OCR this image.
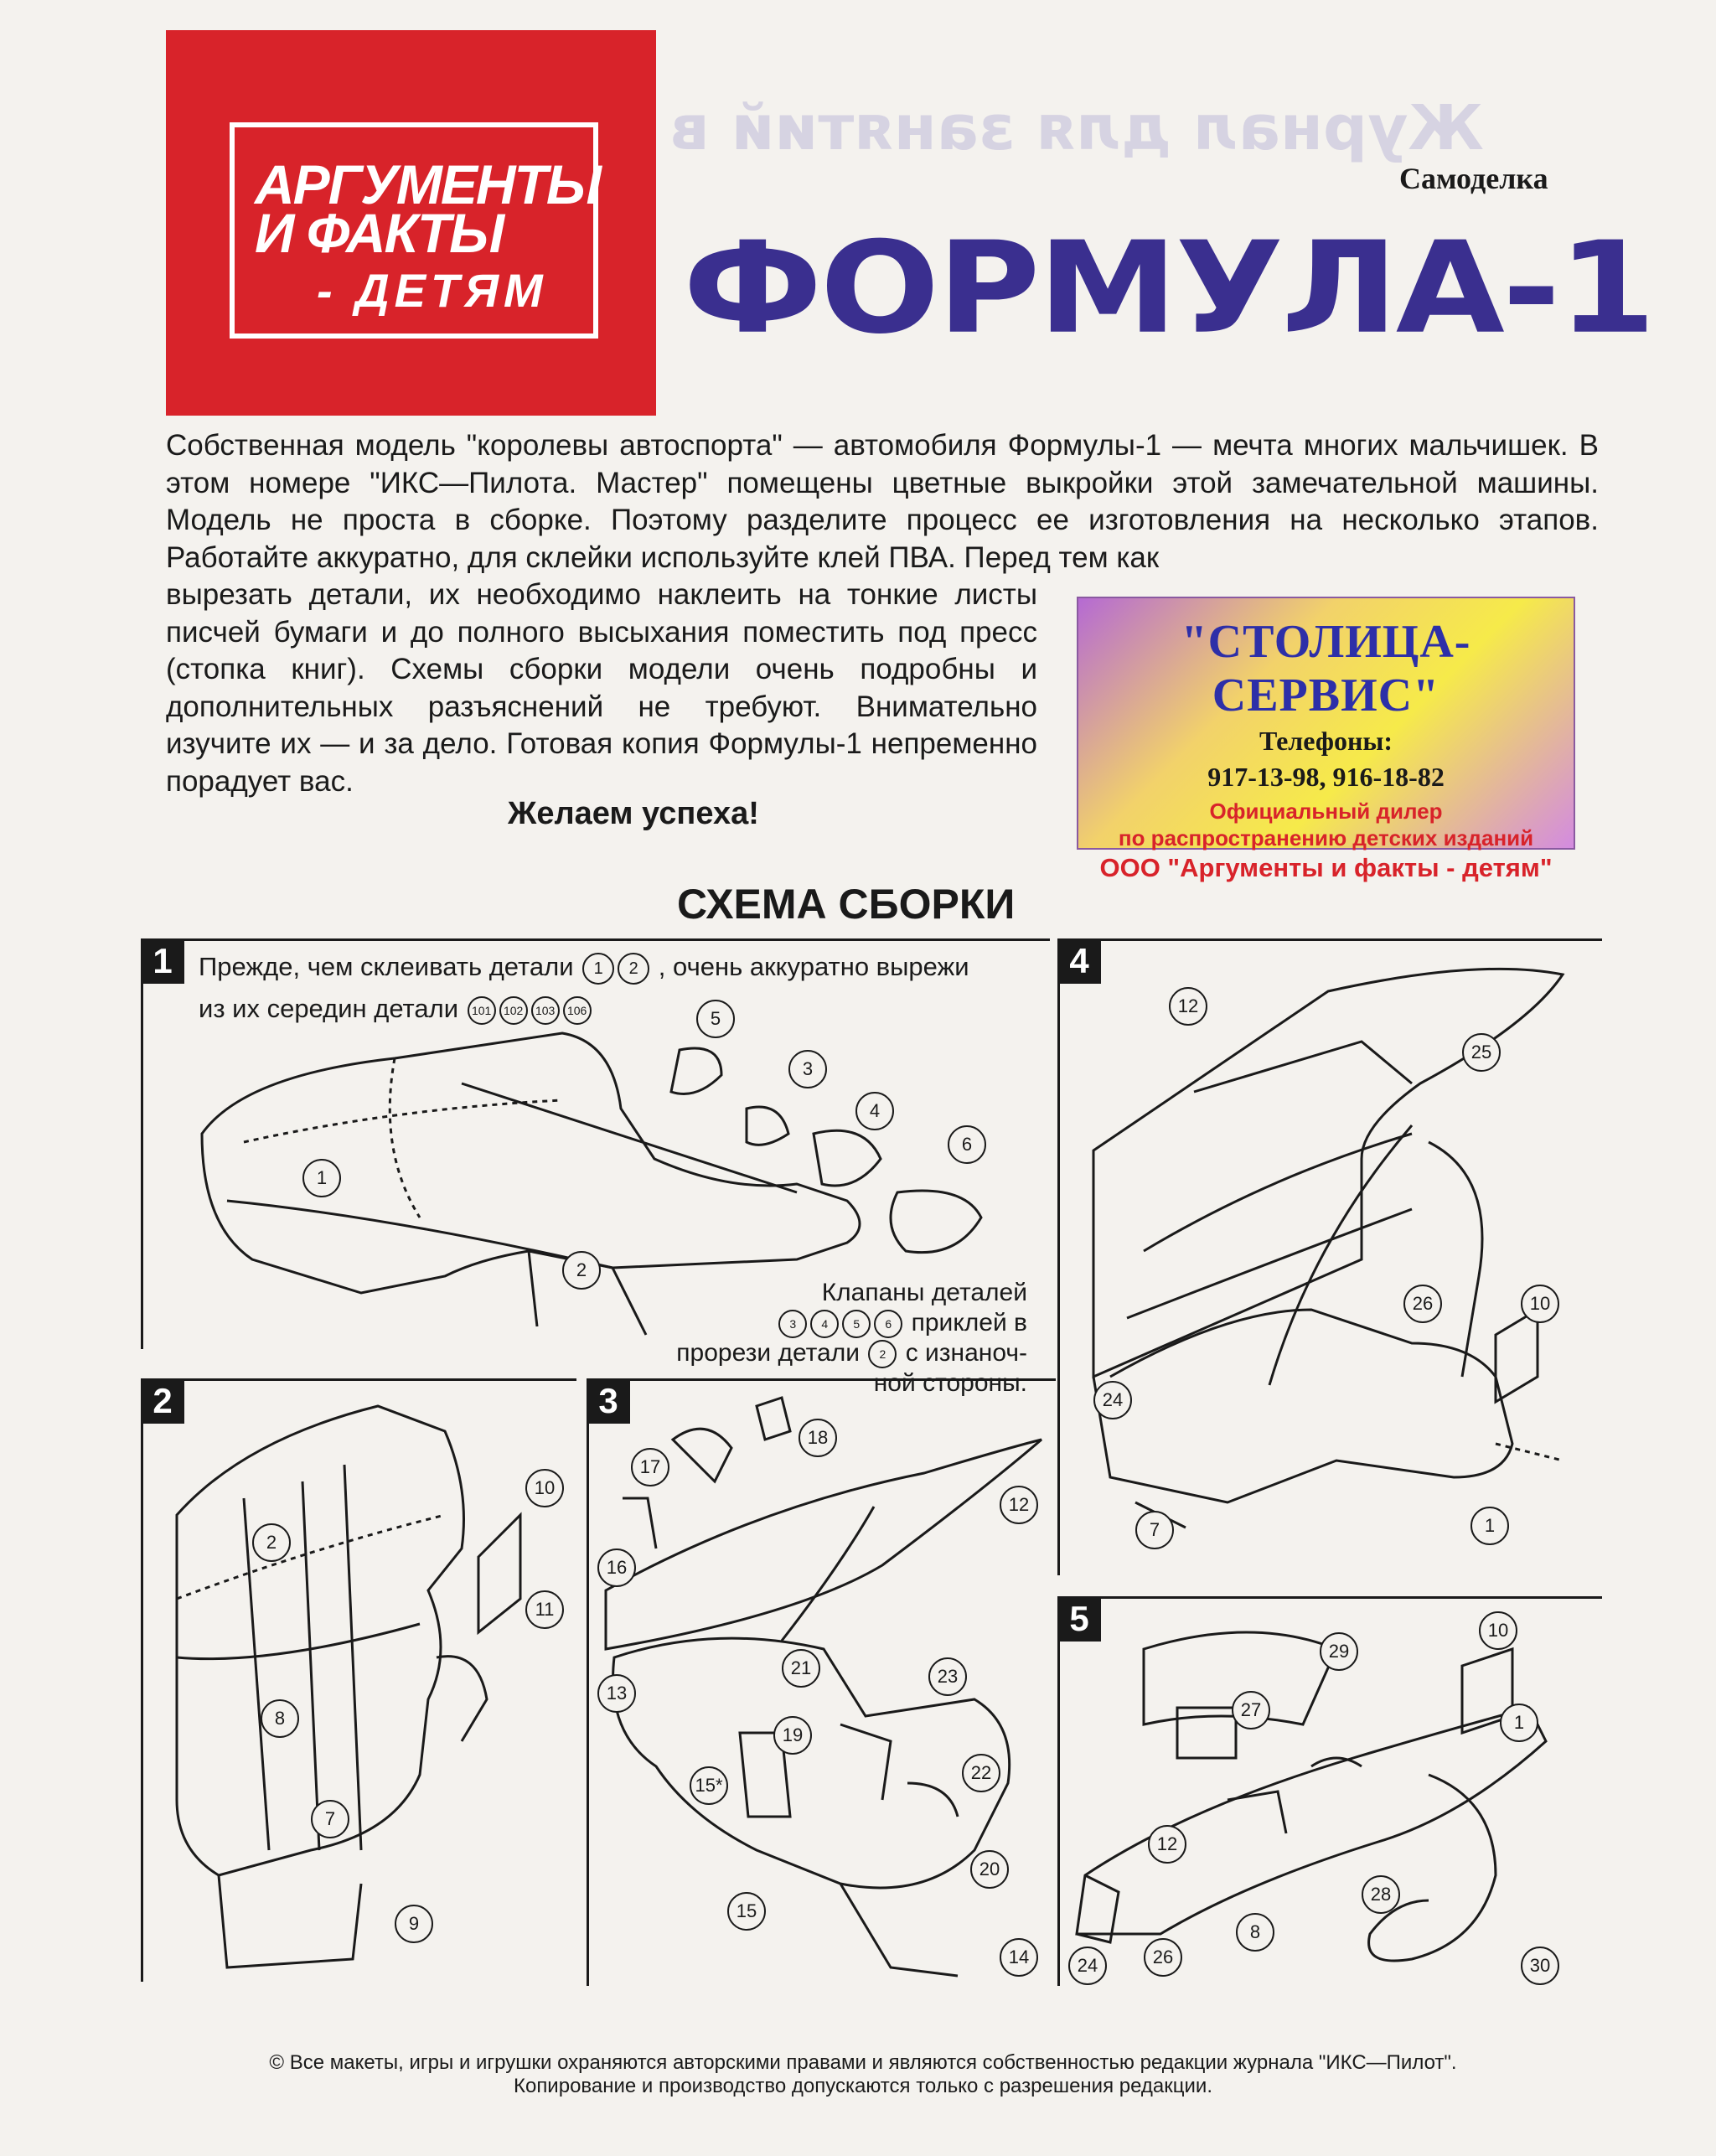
Журнал для занятий в
АРГУМЕНТЫ
И ФАКТЫ
- ДЕТЯМ
Самоделка
ФОРМУЛА-1

Собственная модель "королевы автоспорта" — автомобиля Формулы-1 — мечта многих мальчишек. В этом номере "ИКС—Пилота. Мастер" помещены цветные выкройки этой замечательной машины. Модель не проста в сборке. Поэтому разделите процесс ее изготовления на несколько этапов. Работайте аккуратно, для склейки используйте клей ПВА. Перед тем как

вырезать детали, их необходимо наклеить на тонкие листы писчей бумаги и до полного высыхания поместить под пресс (стопка книг). Схемы сборки модели очень подробны и дополнительных разъяснений не требуют. Внимательно изучите их — и за дело. Готовая копия Формулы-1 непременно порадует вас.
Желаем успеха!
"СТОЛИЦА-СЕРВИС"
Телефоны:
917-13-98, 916-18-82
Официальный дилер
по распространению детских изданий
ООО "Аргументы и факты - детям"
СХЕМА СБОРКИ
1	Прежде, чем склеивать детали 1 2 , очень аккуратно вырежи
из их середин детали 101 102 103 106
1
2
3
4
5
6
Клапаны деталей
3 4 5 6 приклей в
прорези детали 2 с изнаноч-
ной стороны.
2
2
8
7
9
10
11
3
18
17
16
12
13
21
19
23
22
15*
20
15
14
4
12
25
26	10
24
7	1
5
29
10
27
1
12
8
28
24	26	30
© Все макеты, игры и игрушки охраняются авторскими правами и являются собственностью редакции журнала "ИКС—Пилот".
Копирование и производство допускаются только с разрешения редакции.
